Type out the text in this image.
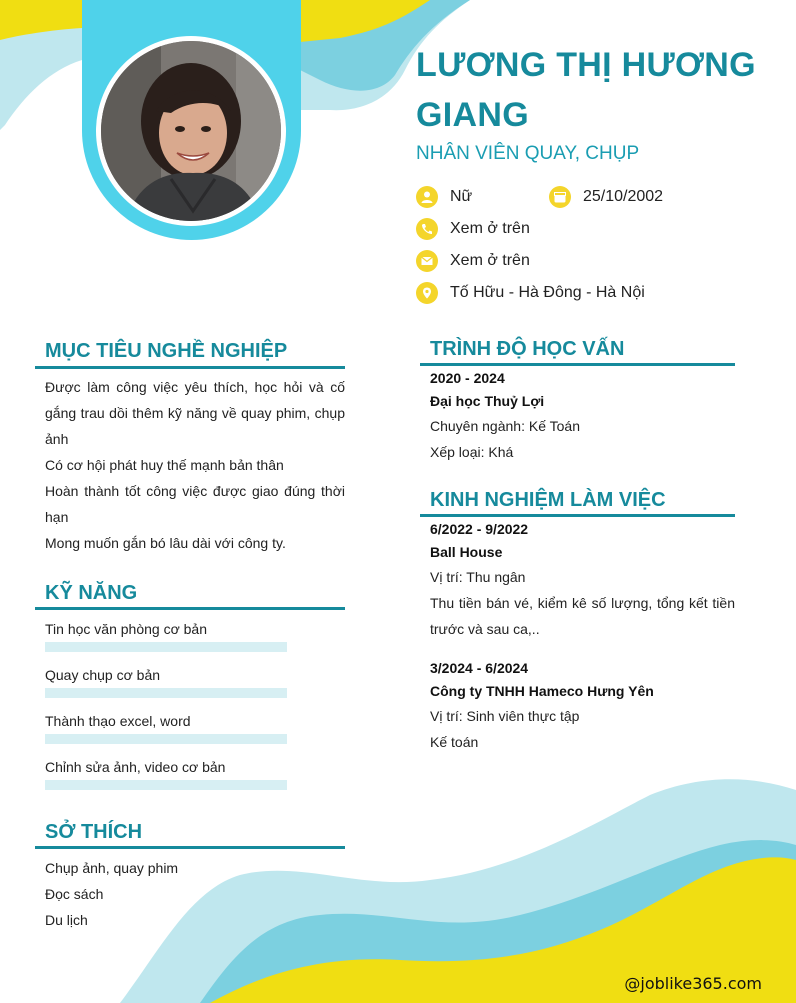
LƯƠNG THỊ HƯƠNG GIANG
NHÂN VIÊN QUAY, CHỤP
Nữ	25/10/2002
Xem ở trên
Xem ở trên
Tố Hữu - Hà Đông - Hà Nội
MỤC TIÊU NGHỀ NGHIỆP
Được làm công việc yêu thích, học hỏi và cố gắng trau dồi thêm kỹ năng về quay phim, chụp ảnh
Có cơ hội phát huy thế mạnh bản thân
Hoàn thành tốt công việc được giao đúng thời hạn
Mong muốn gắn bó lâu dài với công ty.
KỸ NĂNG
Tin học văn phòng cơ bản
Quay chụp cơ bản
Thành thạo excel, word
Chỉnh sửa ảnh, video cơ bản
SỞ THÍCH
Chụp ảnh, quay phim
Đọc sách
Du lịch
TRÌNH ĐỘ HỌC VẤN
2020 - 2024
Đại học Thuỷ Lợi
Chuyên ngành: Kế Toán
Xếp loại: Khá
KINH NGHIỆM LÀM VIỆC
6/2022 - 9/2022
Ball House
Vị trí: Thu ngân
Thu tiền bán vé, kiểm kê số lượng, tổng kết tiền trước và sau ca,..
3/2024 - 6/2024
Công ty TNHH Hameco Hưng Yên
Vị trí: Sinh viên thực tập
Kế toán
@joblike365.com
